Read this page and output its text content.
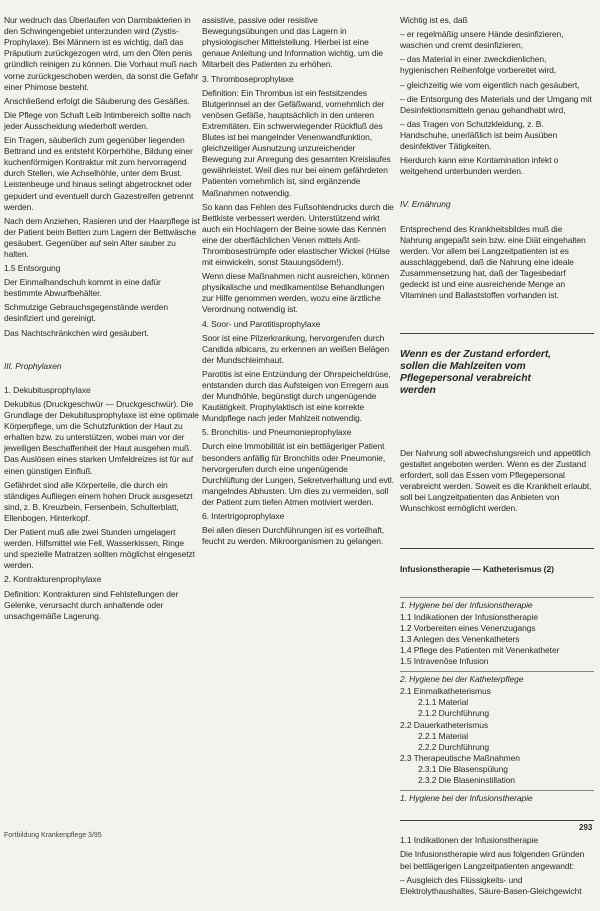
Nur wedruch das Überlaufen von Darmbakterien in den Schwingengebiet unterzunden wird (Zystis-Prophylaxe). Bei Männern ist es wichtig, daß das Präputium zurückgezogen wird, um den Ölen penis gründlich reinigen zu können. Die Vorhaut muß nach vorne zurückgeschoben werden, da sonst die Gefahr einer Phimose besteht.
Anschließend erfolgt die Säuberung des Gesäßes.
Die Pflege von Schaft Leib Intimbereich sollte nach jeder Ausscheidung wiederholt werden.
Ein Tragen, säuberlich zum gegenüber liegenden Bettrand und es entsteht Körperhöhe, Bildung einer kuchenförmigen Kontraktur mit zum hervorragend durch Stellen, wie Achselhöhle, unter dem Brust. Leistenbeuge und hinaus selingt abgetrocknet oder gepudert und eventuell durch Gazestreifen getrennt werden.
Nach dem Anziehen, Rasieren und der Haarpflege ist der Patient beim Betten zum Lagern der Bettwäsche gesäubert. Gegenüber auf sein Alter sauber zu halten.
1.5 Entsorgung
Der Einmalhandschuh kommt in eine dafür bestimmte Abwurfbehälter.
Schmutzige Gebrauchsgegenstände werden desinfiziert und gereinigt.
Das Nachtschränkchen wird gesäubert.

III. Prophylaxen

1. Dekubitusprophylaxe
Dekubitus (Druckgeschwür — Druckgeschwür). Die Grundlage der Dekubitusprophylaxe ist eine optimale Körperpflege, um die Schutzfunktion der Haut zu erhalten bzw. zu unterstützen, wobei man vor der jeweiligen Beschaffenheit der Haut ausgehen muß. Das Auslösen eines starken Umfeldreizes ist für auf einen günstigen Einfluß.
Gefährdet sind alle Körperteile, die durch ein ständiges Aufliegen einem hohen Druck ausgesetzt sind, z. B. Kreuzbein, Fersenbein, Schulterblatt, Ellenbogen, Hinterkopf.
Der Patient muß alle zwei Stunden umgelagert werden. Hilfsmittel wie Fell, Wasserkissen, Ringe und spezielle Matratzen sollten möglichst eingesetzt werden.
2. Kontrakturenprophylaxe
Definition: Kontrakturen sind Fehlstellungen der Gelenke, verursacht durch anhaltende oder unsachgemäße Lagerung.

assistive, passive oder resistive Bewegungsübungen und das Lagern in physiologischer Mittelstellung. Hierbei ist eine genaue Anleitung und Information wichtig, um die Mitarbeit des Patienten zu erhöhen.
3. Thromboseprophylaxe
Definition: Ein Thrombus ist ein festsitzendes Blutgerinnsel an der Gefäßwand, vornehmlich der venösen Gefäße, hauptsächlich in den unteren Extremitäten. Ein schwerwiegender Rückfluß des Blutes ist bei mangelnder Venenwandfunktion, gleichzeitiger Ausnutzung unzureichender Bewegung zur Anregung des gesamten Kreislaufes gewährleistet. Weil dies nur bei einem gefährdeten Patienten vornehmlich ist, sind ergänzende Maßnahmen notwendig.
So kann das Fehlen des Fußsohlendrucks durch die Bettkiste verbessert werden. Unterstützend wirkt auch ein Hochlagern der Beine sowie das Kennen eine der oberflächlichen Venen mittels Anti-Thrombosestrümpfe oder elastischer Wickel (Hülse mit einwickeln, sonst Stauungsödem!).
Wenn diese Maßnahmen nicht ausreichen, können physikalische und medikamentöse Behandlungen zur Hilfe genommen werden, wozu eine ärztliche Verordnung notwendig ist.
4. Soor- und Parotitisprophylaxe
Soor ist eine Pilzerkrankung, hervorgerufen durch Candida albicans, zu erkennen an weißen Belägen der Mundschleimhaut.
Parotitis ist eine Entzündung der Ohrspeicheldrüse, entstanden durch das Aufsteigen von Erregern aus der Mundhöhle, begünstigt durch ungenügende Kautätigkeit. Prophylaktisch ist eine korrekte Mundpflege nach jeder Mahlzeit notwendig.
5. Bronchitis- und Pneumonieprophylaxe
Durch eine Immobilität ist ein bettlägeriger Patient besonders anfällig für Bronchitis oder Pneumonie, hervorgerufen durch eine ungenügende Durchlüftung der Lungen, Sekretverhaltung und evtl. mangelndes Abhusten. Um dies zu vermeiden, soll der Patient zum tiefen Atmen motiviert werden.
6. Intertrigoprophylaxe
Bei allen diesen Durchführungen ist es vorteilhaft, feucht zu werden. Mikroorganismen zu gelangen.

Wichtig ist es, daß
– er regelmäßig unsere Hände desinfizieren, waschen und cremt desinfizieren,
– das Material in einer zweckdienlichen, hygienischen Reihenfolge vorbereitet wird,
– gleichzeitig wie vom eigentlich nach gesäubert,
– die Entsorgung des Materials und der Umgang mit Desinfektionsmitteln genau gehandhabt wird,
– das Tragen von Schutzkleidung, z. B. Handschuhe, unerläßlich ist beim Ausüben desinfektiver Tätigkeiten.
Hierdurch kann eine Kontamination infekt o weitgehend unterbunden werden.

IV. Ernährung

Entsprechend des Krankheitsbildes muß die Nahrung angepaßt sein bzw. eine Diät eingehalten werden. Vor allem bei Langzeitpatienten ist es ausschlaggebend, daß die Nahrung eine ideale Zusammensetzung hat, daß der Tagesbedarf gedeckt ist und eine ausreichende Menge an Vitaminen und Ballaststoffen vorhanden ist.

Wenn es der Zustand erfordert,
sollen die Mahlzeiten vom
Pflegepersonal verabreicht
werden

Der Nahrung soll abwechslungsreich und appetitlich gestaltet angeboten werden. Wenn es der Zustand erfordert, soll das Essen vom Pflegepersonal verabreicht werden. Soweit es die Krankheit erlaubt, soll bei Langzeitpatienten das Anbieten von Wunschkost ermöglicht werden.

Infusionstherapie — Katheterismus (2)

1. Hygiene bei der Infusionstherapie
1.1 Indikationen der Infusionstherapie
1.2 Vorbereiten eines Venenzugangs
1.3 Anlegen des Venenkatheters
1.4 Pflege des Patienten mit Venenkatheter
1.5 Intravenöse Infusion
2. Hygiene bei der Katheterpflege
2.1 Einmalkatheterismus
2.1.1 Material
2.1.2 Durchführung
2.2 Dauerkatheterismus
2.2.1 Material
2.2.2 Durchführung
2.3 Therapeutische Maßnahmen
2.3.1 Die Blasenspülung
2.3.2 Die Blaseninstillation
1. Hygiene bei der Infusionstherapie

1.1 Indikationen der Infusionstherapie
Die Infusionstherapie wird aus folgenden Gründen bei bettlägerigen Langzeitpatienten angewandt:
– Ausgleich des Flüssigkeits- und Elektrolythaushaltes, Säure-Basen-Gleichgewicht

Fortbildung Krankenpflege 3/95
293
